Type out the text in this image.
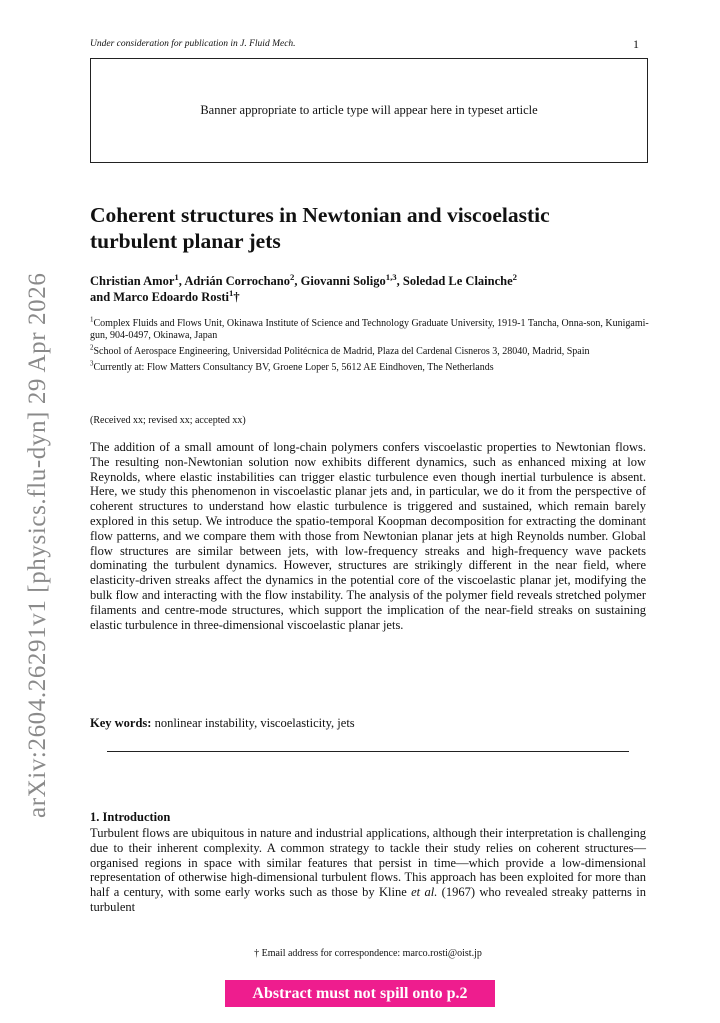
Under consideration for publication in J. Fluid Mech.	1
Banner appropriate to article type will appear here in typeset article
arXiv:2604.26291v1 [physics.flu-dyn] 29 Apr 2026
Coherent structures in Newtonian and viscoelastic
turbulent planar jets
Christian Amor$^1$, Adrián Corrochano$^2$, Giovanni Soligo$^{1,3}$, Soledad Le Clainche$^2$
and Marco Edoardo Rosti$^1$†
$^1$Complex Fluids and Flows Unit, Okinawa Institute of Science and Technology Graduate University, 1919-1 Tancha, Onna-son, Kunigami-gun, 904-0497, Okinawa, Japan
$^2$School of Aerospace Engineering, Universidad Politécnica de Madrid, Plaza del Cardenal Cisneros 3, 28040, Madrid, Spain
$^3$Currently at: Flow Matters Consultancy BV, Groene Loper 5, 5612 AE Eindhoven, The Netherlands
(Received xx; revised xx; accepted xx)
The addition of a small amount of long-chain polymers confers viscoelastic properties to Newtonian flows. The resulting non-Newtonian solution now exhibits different dynamics, such as enhanced mixing at low Reynolds, where elastic instabilities can trigger elastic turbulence even though inertial turbulence is absent. Here, we study this phenomenon in viscoelastic planar jets and, in particular, we do it from the perspective of coherent structures to understand how elastic turbulence is triggered and sustained, which remain barely explored in this setup. We introduce the spatio-temporal Koopman decomposition for extracting the dominant flow patterns, and we compare them with those from Newtonian planar jets at high Reynolds number. Global flow structures are similar between jets, with low-frequency streaks and high-frequency wave packets dominating the turbulent dynamics. However, structures are strikingly different in the near field, where elasticity-driven streaks affect the dynamics in the potential core of the viscoelastic planar jet, modifying the bulk flow and interacting with the flow instability. The analysis of the polymer field reveals stretched polymer filaments and centre-mode structures, which support the implication of the near-field streaks on sustaining elastic turbulence in three-dimensional viscoelastic planar jets.
Key words: nonlinear instability, viscoelasticity, jets
1. Introduction
Turbulent flows are ubiquitous in nature and industrial applications, although their interpretation is challenging due to their inherent complexity. A common strategy to tackle their study relies on coherent structures—organised regions in space with similar features that persist in time—which provide a low-dimensional representation of otherwise high-dimensional turbulent flows. This approach has been exploited for more than half a century, with some early works such as those by Kline et al. (1967) who revealed streaky patterns in turbulent
† Email address for correspondence: marco.rosti@oist.jp
Abstract must not spill onto p.2
